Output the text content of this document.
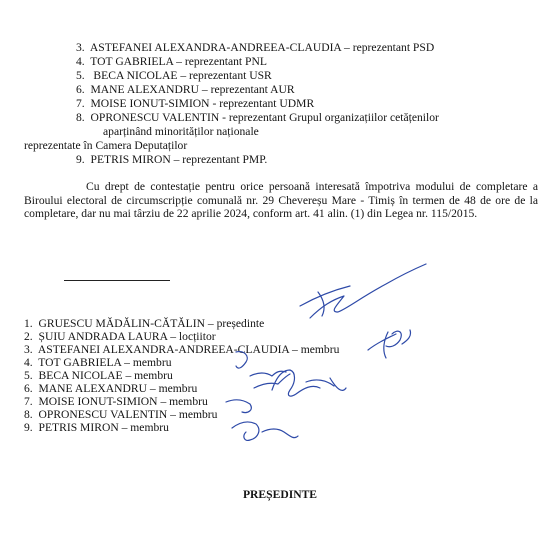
3. ASTEFANEI ALEXANDRA-ANDREEA-CLAUDIA – reprezentant PSD
4. TOT GABRIELA – reprezentant PNL
5. BECA NICOLAE – reprezentant USR
6. MANE ALEXANDRU – reprezentant AUR
7. MOISE IONUT-SIMION - reprezentant UDMR
8. OPRONESCU VALENTIN - reprezentant Grupul organizațiilor cetățenilor
aparținând minorităților naționale
reprezentate în Camera Deputaților
9. PETRIS MIRON – reprezentant PMP.
Cu drept de contestație pentru orice persoană interesată împotriva modului de completare a Biroului electoral de circumscripție comunală nr. 29 Chevereșu Mare - Timiș în termen de 48 de ore de la completare, dar nu mai târziu de 22 aprilie 2024, conform art. 41 alin. (1) din Legea nr. 115/2015.
1. GRUESCU MĂDĂLIN-CĂTĂLIN – președinte
2. ȘUIU ANDRADA LAURA – locțiitor
3. ASTEFANEI ALEXANDRA-ANDREEA-CLAUDIA – membru
4. TOT GABRIELA – membru
5. BECA NICOLAE – membru
6. MANE ALEXANDRU – membru
7. MOISE IONUT-SIMION – membru
8. OPRONESCU VALENTIN – membru
9. PETRIS MIRON – membru
PREȘEDINTE
